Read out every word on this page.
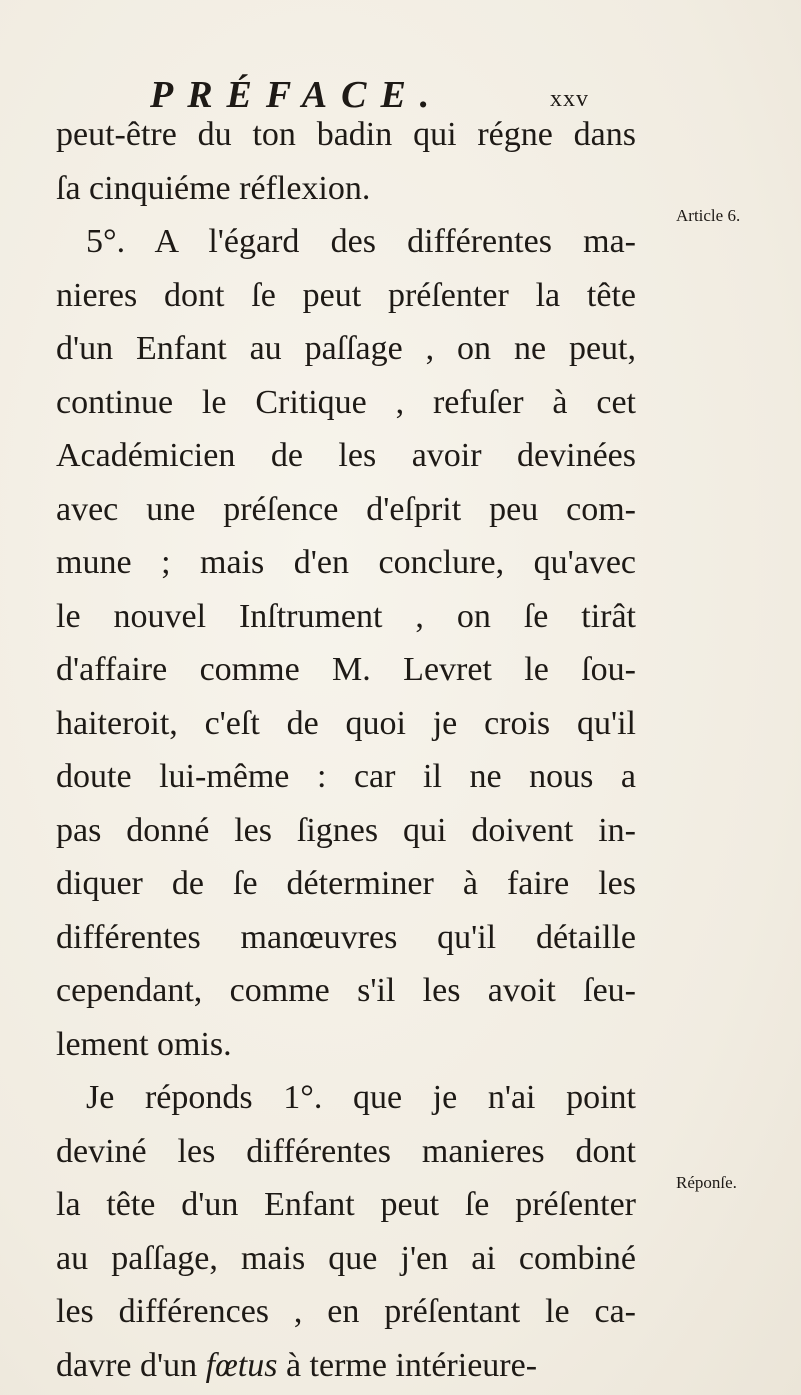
PRÉFACE.	xxv
peut-être du ton badin qui régne dans
ſa cinquiéme réflexion.
5°. A l'égard des différentes ma-
nieres dont ſe peut préſenter la tête
d'un Enfant au paſſage , on ne peut,
continue le Critique , refuſer à cet
Académicien de les avoir devinées
avec une préſence d'eſprit peu com-
mune ; mais d'en conclure, qu'avec
le nouvel Inſtrument , on ſe tirât
d'affaire comme M. Levret le ſou-
haiteroit, c'eſt de quoi je crois qu'il
doute lui-même : car il ne nous a
pas donné les ſignes qui doivent in-
diquer de ſe déterminer à faire les
différentes manœuvres qu'il détaille
cependant, comme s'il les avoit ſeu-
lement omis.
Je réponds 1°. que je n'ai point
deviné les différentes manieres dont
la tête d'un Enfant peut ſe préſenter
au paſſage, mais que j'en ai combiné
les différences , en préſentant le ca-
davre d'un fœtus à terme intérieure-
Article 6.
Réponſe.
